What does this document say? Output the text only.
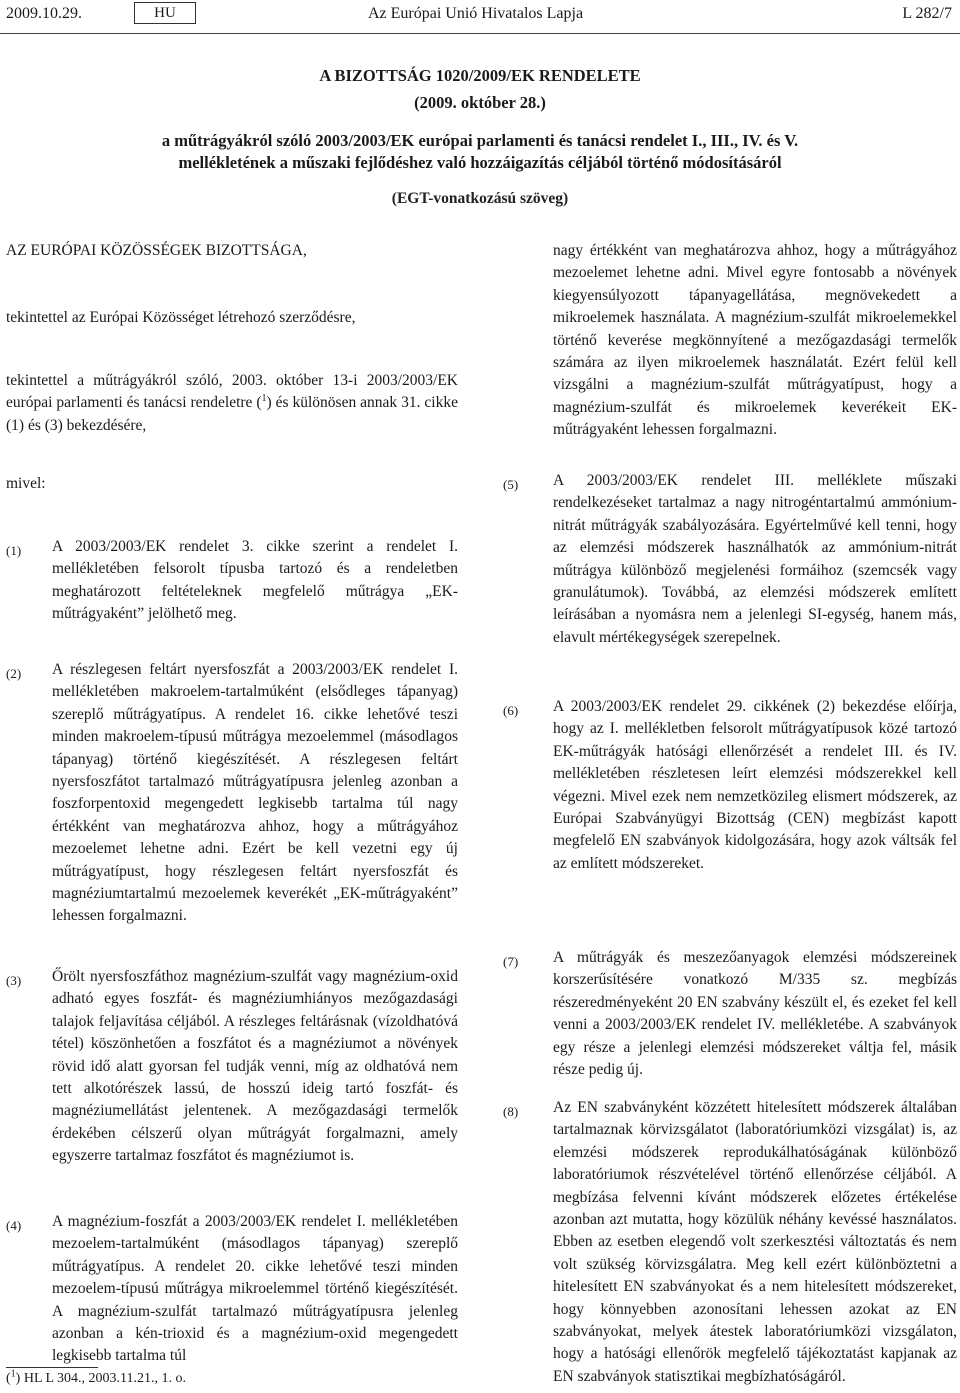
2009.10.29.	HU	Az Európai Unió Hivatalos Lapja	L 282/7
A BIZOTTSÁG 1020/2009/EK RENDELETE
(2009. október 28.)
a műtrágyákról szóló 2003/2003/EK európai parlamenti és tanácsi rendelet I., III., IV. és V.
mellékletének a műszaki fejlődéshez való hozzáigazítás céljából történő módosításáról
(EGT-vonatkozású szöveg)
AZ EURÓPAI KÖZÖSSÉGEK BIZOTTSÁGA,
tekintettel az Európai Közösséget létrehozó szerződésre,
tekintettel a műtrágyákról szóló, 2003. október 13-i 2003/2003/EK európai parlamenti és tanácsi rendeletre ($^1$) és különösen annak 31. cikke (1) és (3) bekezdésére,
nagy értékként van meghatározva ahhoz, hogy a műtrágyához mezoelemet lehetne adni. Mivel egyre fontosabb a növények kiegyensúlyozott tápanyagellátása, megnövekedett a mikroelemek használata. A magnézium-szulfát mikroelemekkel történő keverése megkönnyítené a mezőgazdasági termelők számára az ilyen mikroelemek használatát. Ezért felül kell vizsgálni a magnézium-szulfát műtrágyatípust, hogy a magnézium-szulfát és mikroelemek keverékeit EK-műtrágyaként lehessen forgalmazni.
mivel:
(1) A 2003/2003/EK rendelet 3. cikke szerint a rendelet I. mellékletében felsorolt típusba tartozó és a rendeletben meghatározott feltételeknek megfelelő műtrágya „EK-műtrágyaként” jelölhető meg.

(2) A részlegesen feltárt nyersfoszfát a 2003/2003/EK rendelet I. mellékletében makroelem-tartalmúként (elsődleges tápanyag) szereplő műtrágyatípus. A rendelet 16. cikke lehetővé teszi minden makroelem-típusú műtrágya mezoelemmel (másodlagos tápanyag) történő kiegészítését. A részlegesen feltárt nyersfoszfátot tartalmazó műtrágyatípusra jelenleg azonban a foszforpentoxid megengedett legkisebb tartalma túl nagy értékként van meghatározva ahhoz, hogy a műtrágyához mezoelemet lehetne adni. Ezért be kell vezetni egy új műtrágyatípust, hogy részlegesen feltárt nyersfoszfát és magnéziumtartalmú mezoelemek keverékét „EK-műtrágyaként” lehessen forgalmazni.

(3) Őrölt nyersfoszfáthoz magnézium-szulfát vagy magnézium-oxid adható egyes foszfát- és magnéziumhiányos mezőgazdasági talajok feljavítása céljából. A részleges feltárásnak (vízoldhatóvá tétel) köszönhetően a foszfátot és a magnéziumot a növények rövid idő alatt gyorsan fel tudják venni, míg az oldhatóvá nem tett alkotórészek lassú, de hosszú ideig tartó foszfát- és magnéziumellátást jelentenek. A mezőgazdasági termelők érdekében célszerű olyan műtrágyát forgalmazni, amely egyszerre tartalmaz foszfátot és magnéziumot is.

(4) A magnézium-foszfát a 2003/2003/EK rendelet I. mellékletében mezoelem-tartalmúként (másodlagos tápanyag) szereplő műtrágyatípus. A rendelet 20. cikke lehetővé teszi minden mezoelem-típusú műtrágya mikroelemmel történő kiegészítését. A magnézium-szulfát tartalmazó műtrágyatípusra jelenleg azonban a kén-trioxid és a magnézium-oxid megengedett legkisebb tartalma túl

(5) A 2003/2003/EK rendelet III. melléklete műszaki rendelkezéseket tartalmaz a nagy nitrogéntartalmú ammónium-nitrát műtrágyák szabályozására. Egyértelművé kell tenni, hogy az elemzési módszerek használhatók az ammónium-nitrát műtrágya különböző megjelenési formáihoz (szemcsék vagy granulátumok). Továbbá, az elemzési módszerek említett leírásában a nyomásra nem a jelenlegi SI-egység, hanem más, elavult mértékegységek szerepelnek.

(6) A 2003/2003/EK rendelet 29. cikkének (2) bekezdése előírja, hogy az I. mellékletben felsorolt műtrágyatípusok közé tartozó EK-műtrágyák hatósági ellenőrzését a rendelet III. és IV. mellékletében részletesen leírt elemzési módszerekkel kell végezni. Mivel ezek nem nemzetközileg elismert módszerek, az Európai Szabványügyi Bizottság (CEN) megbízást kapott megfelelő EN szabványok kidolgozására, hogy azok váltsák fel az említett módszereket.

(7) A műtrágyák és meszezőanyagok elemzési módszereinek korszerűsítésére vonatkozó M/335 sz. megbízás részeredményeként 20 EN szabvány készült el, és ezeket fel kell venni a 2003/2003/EK rendelet IV. mellékletébe. A szabványok egy része a jelenlegi elemzési módszereket váltja fel, másik része pedig új.

(8) Az EN szabványként közzétett hitelesített módszerek általában tartalmaznak körvizsgálatot (laboratóriumközi vizsgálat) is, az elemzési módszerek reprodukálhatóságának különböző laboratóriumok részvételével történő ellenőrzése céljából. A megbízása felvenni kívánt módszerek előzetes értékelése azonban azt mutatta, hogy közülük néhány kevéssé használatos. Ebben az esetben elegendő volt szerkesztési változtatás és nem volt szükség körvizsgálatra. Meg kell ezért különböztetni a hitelesített EN szabványokat és a nem hitelesített módszereket, hogy könnyebben azonosítani lehessen azokat az EN szabványokat, melyek átestek laboratóriumközi vizsgálaton, hogy a hatósági ellenőrök megfelelő tájékoztatást kapjanak az EN szabványok statisztikai megbízhatóságáról.

($^1$) HL L 304., 2003.11.21., 1. o.
